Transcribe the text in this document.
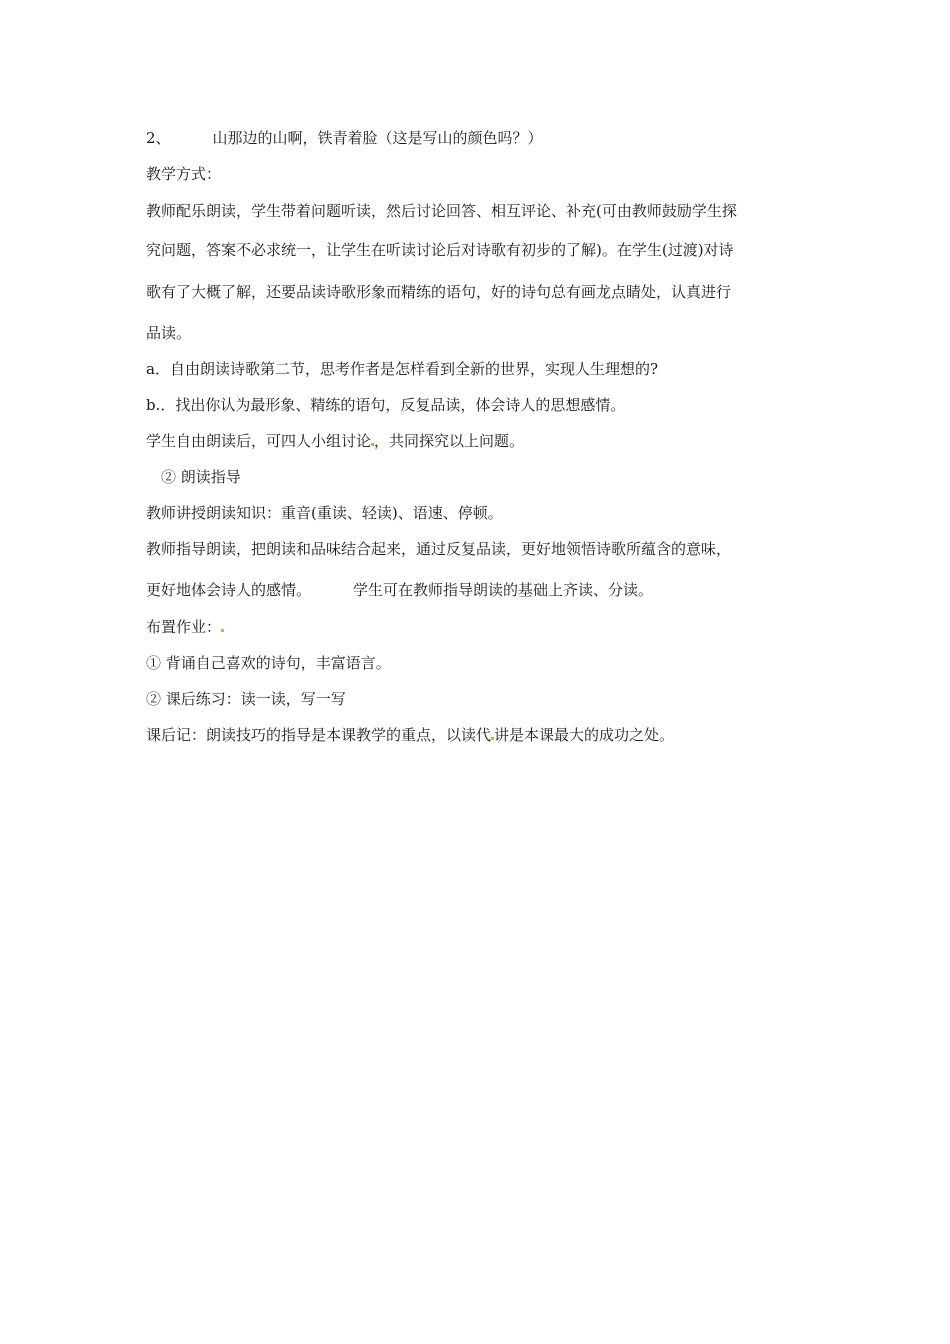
2、	山那边的山啊，铁青着脸（这是写山的颜色吗？）
教学方式：
教师配乐朗读，学生带着问题听读，然后讨论回答、相互评论、补充(可由教师鼓励学生探
究问题，答案不必求统一，让学生在听读讨论后对诗歌有初步的了解)。在学生(过渡)对诗
歌有了大概了解，还要品读诗歌形象而精练的语句，好的诗句总有画龙点睛处，认真进行
品读。
a．自由朗读诗歌第二节，思考作者是怎样看到全新的世界，实现人生理想的?
b.．找出你认为最形象、精练的语句，反复品读，体会诗人的思想感情。
学生自由朗读后，可四人小组讨论 ，共同探究以上问题。
② 朗读指导
教师讲授朗读知识：重音(重读、轻读)、语速、停顿。
教师指导朗读，把朗读和品味结合起来，通过反复品读，更好地领悟诗歌所蕴含的意味，
更好地体会诗人的感情。	学生可在教师指导朗读的基础上齐读、分读。
布置作业：
① 背诵自己喜欢的诗句，丰富语言。
② 课后练习：读一读，写一写
课后记：朗读技巧的指导是本课教学的重点，以读代 讲是本课最大的成功之处。
